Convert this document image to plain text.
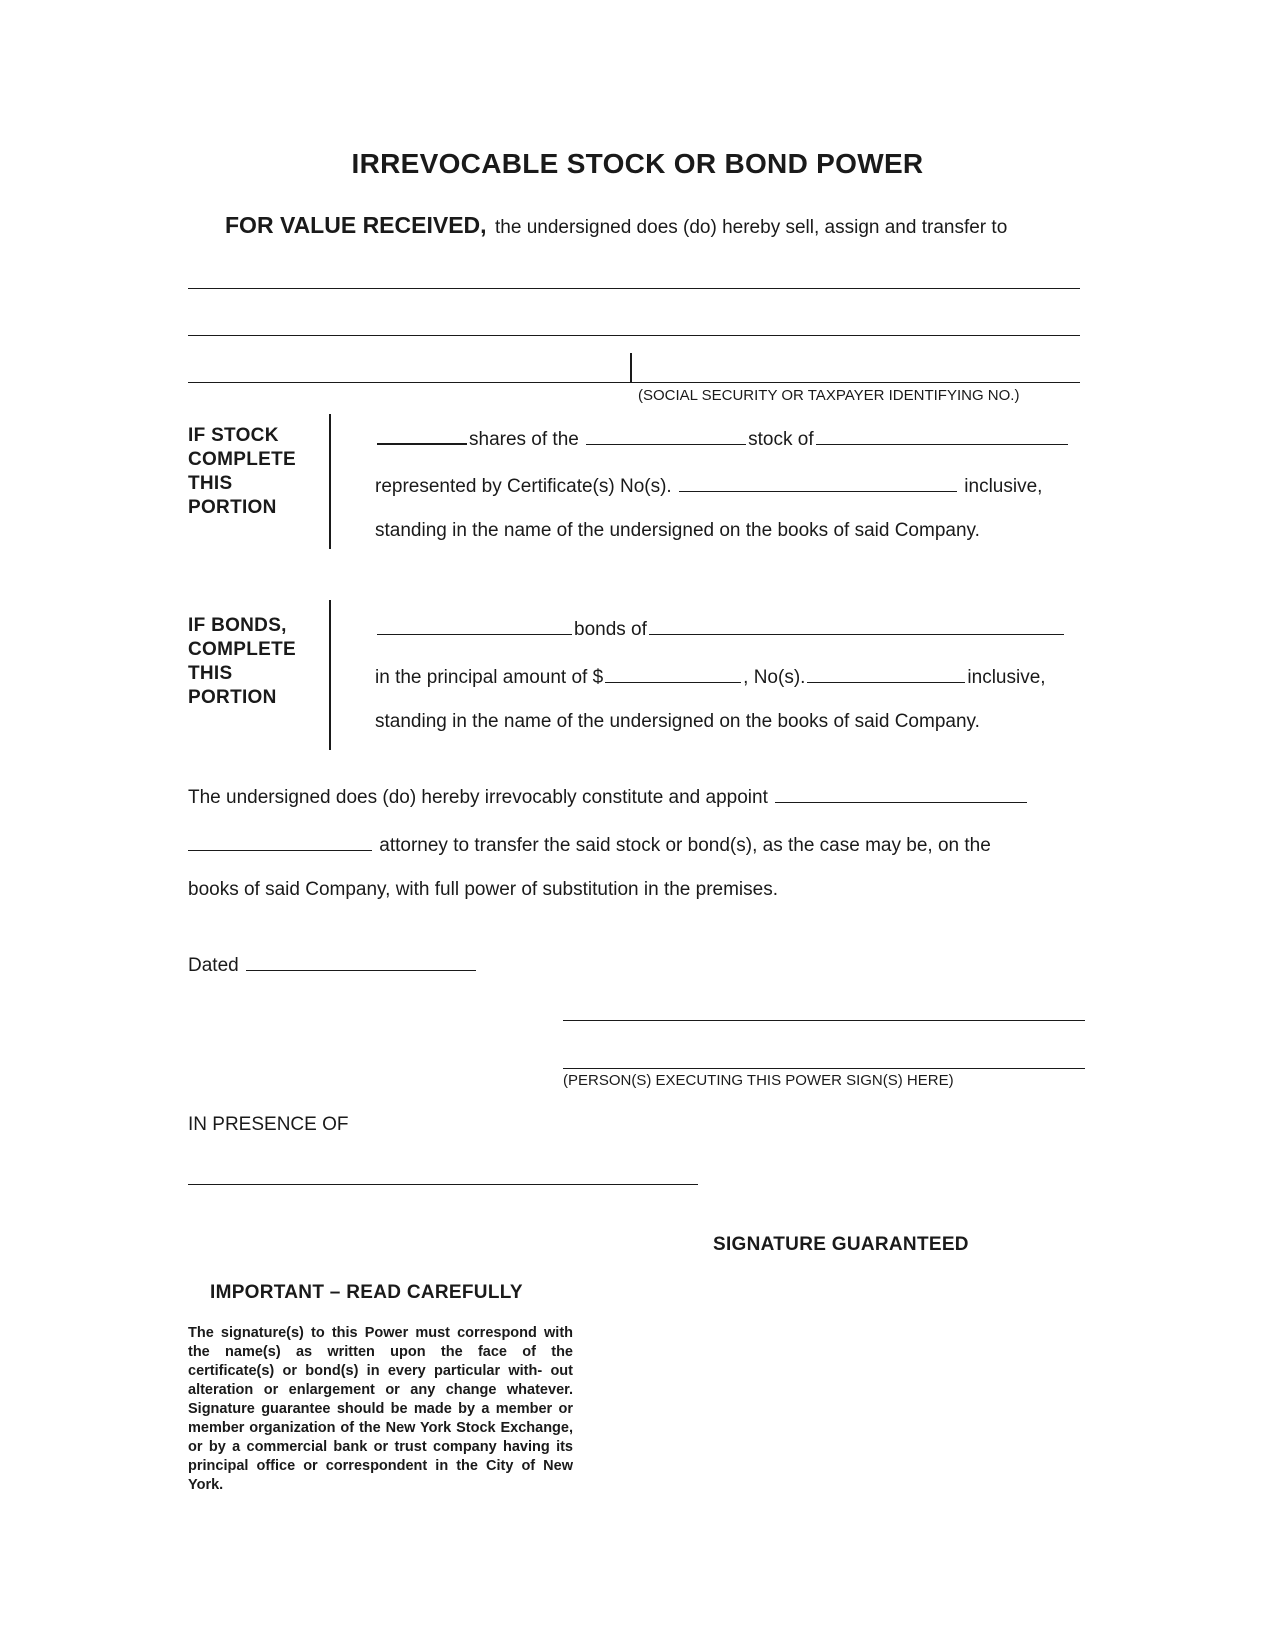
IRREVOCABLE STOCK OR BOND POWER
FOR VALUE RECEIVED, the undersigned does (do) hereby sell, assign and transfer to
(SOCIAL SECURITY OR TAXPAYER IDENTIFYING NO.)
IF STOCK
COMPLETE
THIS
PORTION
shares of the	stock of
represented by Certificate(s) No(s).	inclusive,
standing in the name of the undersigned on the books of said Company.
IF BONDS,
COMPLETE
THIS
PORTION
bonds of
in the principal amount of $	, No(s).	inclusive,
standing in the name of the undersigned on the books of said Company.
The undersigned does (do) hereby irrevocably constitute and appoint
attorney to transfer the said stock or bond(s), as the case may be, on the
books of said Company, with full power of substitution in the premises.
Dated
(PERSON(S) EXECUTING THIS POWER SIGN(S) HERE)
IN PRESENCE OF
SIGNATURE GUARANTEED
IMPORTANT – READ CAREFULLY
The signature(s) to this Power must correspond with the name(s) as written upon the face of the certificate(s) or bond(s) in every particular with- out alteration or enlargement or any change whatever. Signature guarantee should be made by a member or member organization of the New York Stock Exchange, or by a commercial bank or trust company having its principal office or correspondent in the City of New York.
